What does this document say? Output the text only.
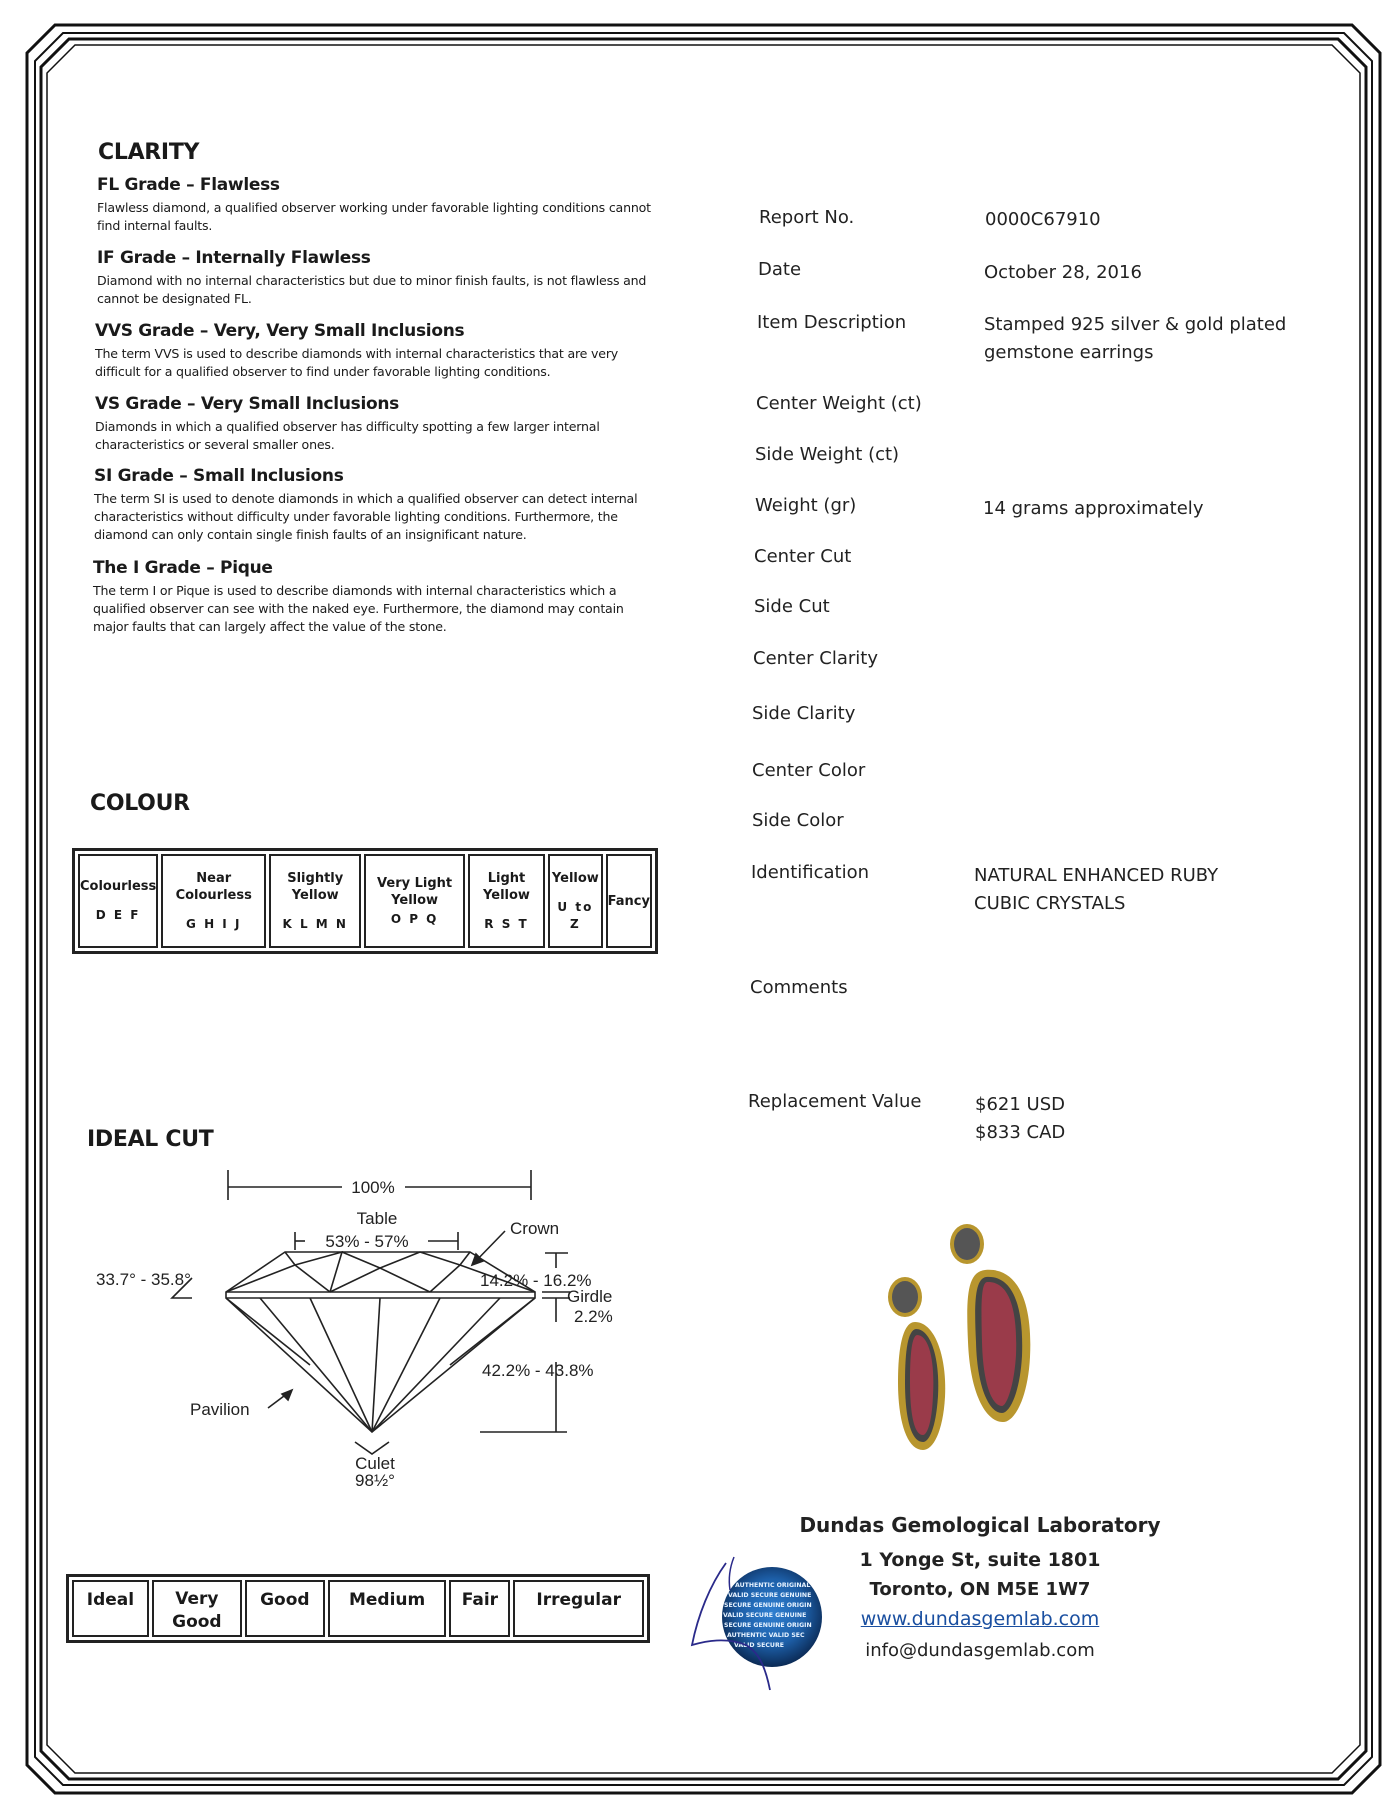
CLARITY
FL Grade – Flawless

Flawless diamond, a qualified observer working under favorable lighting conditions cannot find internal faults.

IF Grade – Internally Flawless

Diamond with no internal characteristics but due to minor finish faults, is not flawless and cannot be designated FL.

VVS Grade – Very, Very Small Inclusions

The term VVS is used to describe diamonds with internal characteristics that are very difficult for a qualified observer to find under favorable lighting conditions.

VS Grade – Very Small Inclusions

Diamonds in which a qualified observer has difficulty spotting a few larger internal characteristics or several smaller ones.

SI Grade – Small Inclusions

The term SI is used to denote diamonds in which a qualified observer can detect internal characteristics without difficulty under favorable lighting conditions. Furthermore, the diamond can only contain single finish faults of an insignificant nature.

The I Grade – Pique

The term I or Pique is used to describe diamonds with internal characteristics which a qualified observer can see with the naked eye. Furthermore, the diamond may contain major faults that can largely affect the value of the stone.

COLOUR
Colourless
D E F

Near Colourless
G H I J

Slightly Yellow
K L M N

Very Light Yellow
O P Q

Light Yellow
R S T

Yellow
U to Z

Fancy
IDEAL CUT
100%
Table
53% - 57%
Crown
33.7° - 35.8°	14.2% - 16.2%
Girdle
2.2%
42.2% - 43.8%
Pavilion
Culet
98½°
Ideal	Very Good	Good	Medium	Fair	Irregular
Report No.	0000C67910
Date	October 28, 2016
Item Description	Stamped 925 silver & gold plated
gemstone earrings
Center Weight (ct)
Side Weight (ct)
Weight (gr)	14 grams approximately
Center Cut
Side Cut
Center Clarity
Side Clarity
Center Color
Side Color
Identification	NATURAL ENHANCED RUBY
CUBIC CRYSTALS
Comments
Replacement Value	$621 USD
$833 CAD
Dundas Gemological Laboratory
1 Yonge St, suite 1801
Toronto, ON M5E 1W7
www.dundasgemlab.com
info@dundasgemlab.com
AUTHENTIC ORIGINAL
VALID SECURE GENUINE
SECURE GENUINE ORIGIN
VALID SECURE GENUINE
SECURE GENUINE ORIGIN
AUTHENTIC VALID SEC
VALID SECURE
